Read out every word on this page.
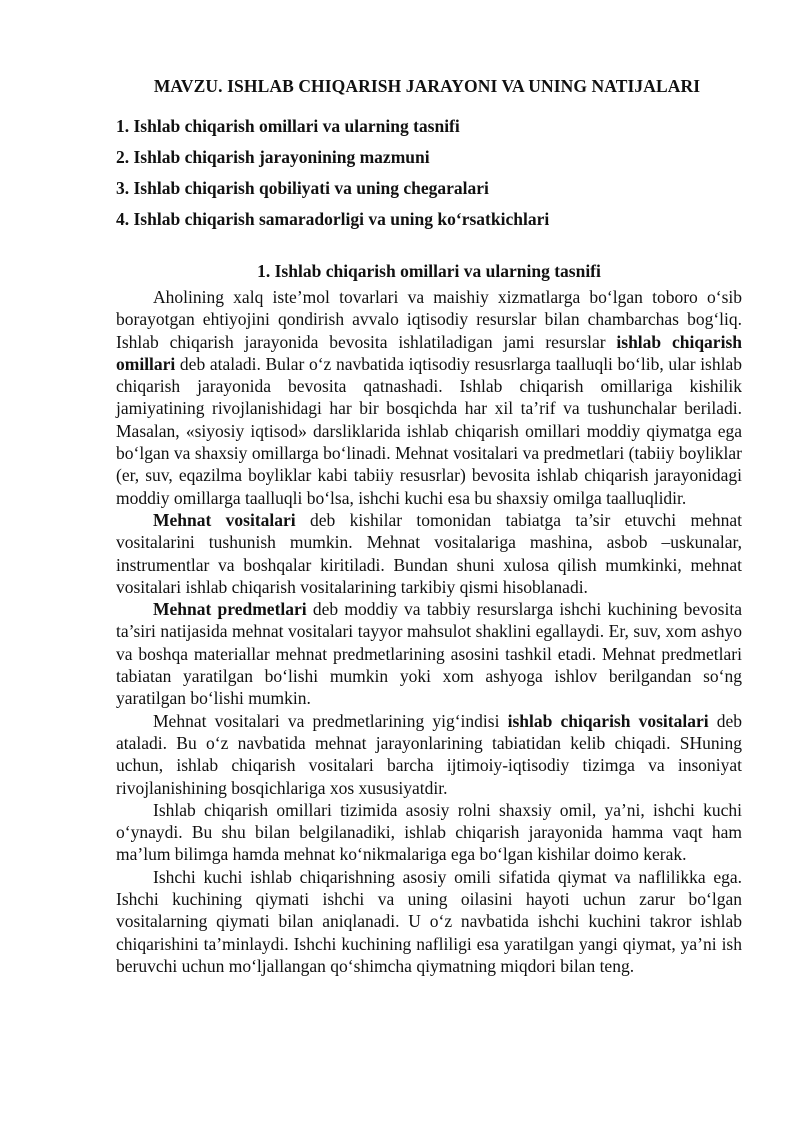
MAVZU. ISHLAB CHIQARISH JARAYONI VA UNING NATIJALARI
1. Ishlab chiqarish omillari va ularning tasnifi
2. Ishlab chiqarish jarayonining mazmuni
3. Ishlab chiqarish qobiliyati va uning chegaralari
4. Ishlab chiqarish samaradorligi va uning koʻrsatkichlari
1. Ishlab chiqarish omillari va ularning tasnifi

Aholining xalq iste’mol tovarlari va maishiy xizmatlarga boʻlgan toboro oʻsib borayotgan ehtiyojini qondirish avvalo iqtisodiy resurslar bilan chambarchas bogʻliq. Ishlab chiqarish jarayonida bevosita ishlatiladigan jami resurslar ishlab chiqarish omillari deb ataladi. Bular oʻz navbatida iqtisodiy resusrlarga taalluqli boʻlib, ular ishlab chiqarish jarayonida bevosita qatnashadi. Ishlab chiqarish omillariga kishilik jamiyatining rivojlanishidagi har bir bosqichda har xil ta’rif va tushunchalar beriladi. Masalan, «siyosiy iqtisod» darsliklarida ishlab chiqarish omillari moddiy qiymatga ega boʻlgan va shaxsiy omillarga boʻlinadi. Mehnat vositalari va predmetlari (tabiiy boyliklar (er, suv, eqazilma boyliklar kabi tabiiy resusrlar) bevosita ishlab chiqarish jarayonidagi moddiy omillarga taalluqli boʻlsa, ishchi kuchi esa bu shaxsiy omilga taalluqlidir.

Mehnat vositalari deb kishilar tomonidan tabiatga ta’sir etuvchi mehnat vositalarini tushunish mumkin. Mehnat vositalariga mashina, asbob –uskunalar, instrumentlar va boshqalar kiritiladi. Bundan shuni xulosa qilish mumkinki, mehnat vositalari ishlab chiqarish vositalarining tarkibiy qismi hisoblanadi.

Mehnat predmetlari deb moddiy va tabbiy resurslarga ishchi kuchining bevosita ta’siri natijasida mehnat vositalari tayyor mahsulot shaklini egallaydi. Er, suv, xom ashyo va boshqa materiallar mehnat predmetlarining asosini tashkil etadi. Mehnat predmetlari tabiatan yaratilgan boʻlishi mumkin yoki xom ashyoga ishlov berilgandan soʻng yaratilgan boʻlishi mumkin.

Mehnat vositalari va predmetlarining yigʻindisi ishlab chiqarish vositalari deb ataladi. Bu oʻz navbatida mehnat jarayonlarining tabiatidan kelib chiqadi. SHuning uchun, ishlab chiqarish vositalari barcha ijtimoiy-iqtisodiy tizimga va insoniyat rivojlanishining bosqichlariga xos xususiyatdir.

Ishlab chiqarish omillari tizimida asosiy rolni shaxsiy omil, ya’ni, ishchi kuchi oʻynaydi. Bu shu bilan belgilanadiki, ishlab chiqarish jarayonida hamma vaqt ham ma’lum bilimga hamda mehnat koʻnikmalariga ega boʻlgan kishilar doimo kerak.

Ishchi kuchi ishlab chiqarishning asosiy omili sifatida qiymat va naflilikka ega. Ishchi kuchining qiymati ishchi va uning oilasini hayoti uchun zarur boʻlgan vositalarning qiymati bilan aniqlanadi. U oʻz navbatida ishchi kuchini takror ishlab chiqarishini ta’minlaydi. Ishchi kuchining nafliligi esa yaratilgan yangi qiymat, ya’ni ish beruvchi uchun moʻljallangan qoʻshimcha qiymatning miqdori bilan teng.
